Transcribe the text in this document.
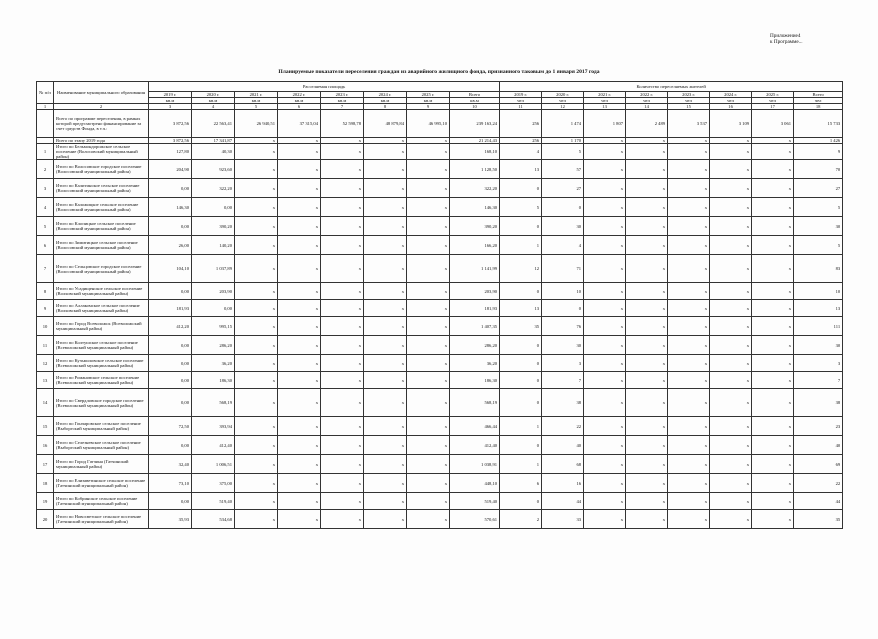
Приложение4
к Программе...
Планируемые показатели переселения граждан из аварийного жилищного фонда, признанного таковым до 1 января 2017 года
№ п/п	Наименование муниципального образования	Расселяемая площадь								Количество переселяемых жителей							
		2019 г.	2020 г.	2021 г.	2022 г.	2023 г.	2024 г.	2025 г.	Всего	2019 г.	2020 г.	2021 г.	2022 г.	2023 г.	2024 г.	2025 г.	Всего
		кв.м	кв.м	кв.м	кв.м	кв.м	кв.м	кв.м	кв.м	чел	чел	чел	чел	чел	чел	чел	чел
1	2	3	4	5	6	7	8	9	10	11	12	13	14	15	16	17	18
	Всего по программе переселения, в рамках которой предусмотрено финансирование за счет средств Фонда, в т.ч.:	3 872,56	22 563,41	26 940,51	37 315,04	52 598,78	48 879,84	46 995,10	239 163,24	256	1 474	1 807	2 489	3 537	3 109	3 061	15 733
	Всего по этапу 2019 года	3 872,56	17 341,87	x	x	x	x	x	21 214,43	256	1 170	x	x	x	x	x	1 426
1	Итого по Бельмондорожское сельское поселение (Волосовский муниципальный район)	127,80	40,30	x	x	x	x	x	168,10	4	5	x	x	x	x	x	9
2	Итого по Волосовское городское поселение (Волосовский муниципальный район)	204,90	923,60	x	x	x	x	x	1 128,50	13	57	x	x	x	x	x	70
3	Итого по Калитинское сельское поселение (Волосовский муниципальный район)	0,00	322,20	x	x	x	x	x	322,20	0	27	x	x	x	x	x	27
4	Итого по Каложицкое сельское поселение (Волосовский муниципальный район)	146,30	0,00	x	x	x	x	x	146,30	5	0	x	x	x	x	x	5
5	Итого по Клопицкое сельское поселение (Волосовский муниципальный район)	0,00	390,20	x	x	x	x	x	390,20	0	30	x	x	x	x	x	30
6	Итого по Зимитицкое сельское поселение (Волосовский муниципальный район)	26,00	140,20	x	x	x	x	x	166,20	1	4	x	x	x	x	x	5
7	Итого по Сельцовское городское поселение (Волосовский муниципальный район)	104,10	1 037,89	x	x	x	x	x	1 141,99	12	71	x	x	x	x	x	83
8	Итого по Усадищенское сельское поселение (Волховский муниципальный район)	0,00	203,90	x	x	x	x	x	203,90	0	10	x	x	x	x	x	10
9	Итого по Аллакомское сельское поселение (Волховский муниципальный район)	181,93	0,00	x	x	x	x	x	181,93	13	0	x	x	x	x	x	13
10	Итого по Город Всеволожск (Всеволожский муниципальный район)	412,20	995,15	x	x	x	x	x	1 407,35	35	76	x	x	x	x	x	111
11	Итого по Колтушское сельское поселение (Всеволожский муниципальный район)	0,00	286,20	x	x	x	x	x	286,20	0	30	x	x	x	x	x	30
12	Итого по Кузьмоловское сельское поселение (Всеволожский муниципальный район)	0,00	36,20	x	x	x	x	x	36,20	0	3	x	x	x	x	x	3
13	Итого по Романовское сельское поселение (Всеволожский муниципальный район)	0,00	186,30	x	x	x	x	x	186,30	0	7	x	x	x	x	x	7
14	Итого по Свердловское городское поселение (Всеволожский муниципальный район)	0,00	568,19	x	x	x	x	x	568,19	0	38	x	x	x	x	x	38
15	Итого по Гончаровское сельское поселение (Выборгский муниципальный район)	72,50	393,94	x	x	x	x	x	466,44	1	22	x	x	x	x	x	23
16	Итого по Селезневское сельское поселение (Выборгский муниципальный район)	0,00	412,40	x	x	x	x	x	412,40	0	40	x	x	x	x	x	40
17	Итого по Город Гатчина (Гатчинский муниципальный район)	32,40	1 006,51	x	x	x	x	x	1 038,91	1	68	x	x	x	x	x	69
18	Итого по Елизаветинское сельское поселение (Гатчинский муниципальный район)	73,10	375,00	x	x	x	x	x	448,10	6	16	x	x	x	x	x	22
19	Итого по Кобринское сельское поселение (Гатчинский муниципальный район)	0,00	519,40	x	x	x	x	x	519,40	0	44	x	x	x	x	x	44
20	Итого по Новосветское сельское поселение (Гатчинский муниципальный район)	35,93	534,68	x	x	x	x	x	570,61	2	33	x	x	x	x	x	35
